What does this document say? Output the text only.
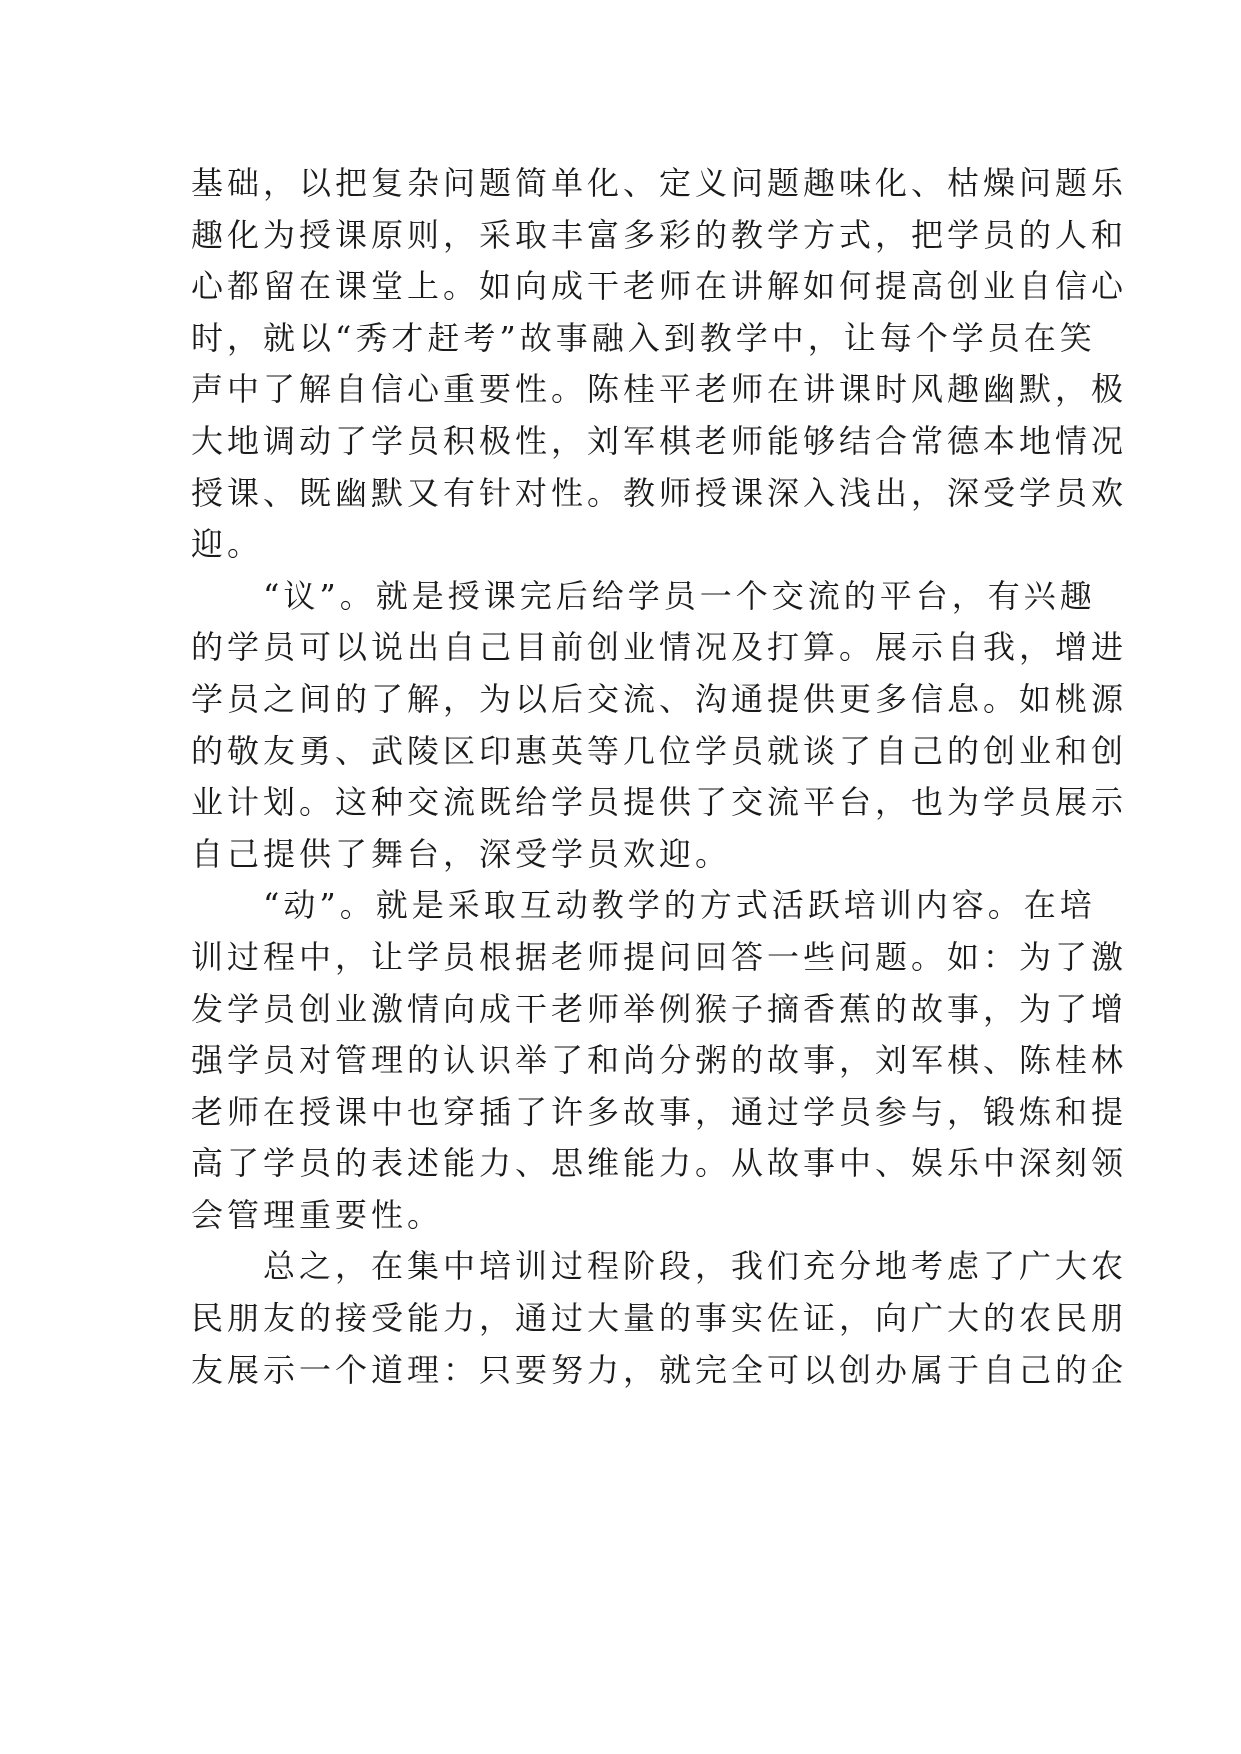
基础，以把复杂问题简单化、定义问题趣味化、枯燥问题乐
趣化为授课原则，采取丰富多彩的教学方式，把学员的人和
心都留在课堂上。如向成干老师在讲解如何提高创业自信心
时，就以“秀才赶考”故事融入到教学中，让每个学员在笑
声中了解自信心重要性。陈桂平老师在讲课时风趣幽默，极
大地调动了学员积极性，刘军棋老师能够结合常德本地情况
授课、既幽默又有针对性。教师授课深入浅出，深受学员欢
迎。
“议”。就是授课完后给学员一个交流的平台，有兴趣
的学员可以说出自己目前创业情况及打算。展示自我，增进
学员之间的了解，为以后交流、沟通提供更多信息。如桃源
的敬友勇、武陵区印惠英等几位学员就谈了自己的创业和创
业计划。这种交流既给学员提供了交流平台，也为学员展示
自己提供了舞台，深受学员欢迎。
“动”。就是采取互动教学的方式活跃培训内容。在培
训过程中，让学员根据老师提问回答一些问题。如：为了激
发学员创业激情向成干老师举例猴子摘香蕉的故事，为了增
强学员对管理的认识举了和尚分粥的故事，刘军棋、陈桂林
老师在授课中也穿插了许多故事，通过学员参与，锻炼和提
高了学员的表述能力、思维能力。从故事中、娱乐中深刻领
会管理重要性。
总之，在集中培训过程阶段，我们充分地考虑了广大农
民朋友的接受能力，通过大量的事实佐证，向广大的农民朋
友展示一个道理：只要努力，就完全可以创办属于自己的企
